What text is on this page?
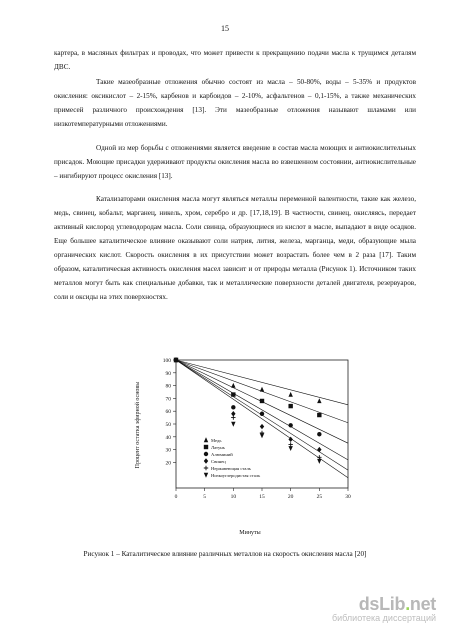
15

картера, в масляных фильтрах и проводах, что может привести к прекращению подачи масла к трущимся деталям ДВС.

Такие мазеобразные отложения обычно состоят из масла – 50-80%, воды – 5-35% и продуктов окисления: оксикислот – 2-15%, карбенов и карбоидов – 2-10%, асфальтенов – 0,1-15%, а также механических примесей различного происхождения [13]. Эти мазеобразные отложения называют шламами или низкотемпературными отложениями.

Одной из мер борьбы с отложениями является введение в состав масла моющих и антиокислительных присадок. Моющие присадки удерживают продукты окисления масла во взвешенном состоянии, антиокислительные – ингибируют процесс окисления [13].

Катализаторами окисления масла могут являться металлы переменной валентности, такие как железо, медь, свинец, кобальт, марганец, никель, хром, серебро и др. [17,18,19]. В частности, свинец, окисляясь, передает активный кислород углеводородам масла. Соли свинца, образующиеся из кислот в масле, выпадают в виде осадков. Еще большее каталитическое влияние оказывают соли натрия, лития, железа, марганца, меди, образующие мыла органических кислот. Скорость окисления в их присутствии может возрастать более чем в 2 раза [17]. Таким образом, каталитическая активность окисления масел зависит и от природы металла (Рисунок 1). Источником таких металлов могут быть как специальные добавки, так и металлические поверхности деталей двигателя, резервуаров, соли и оксиды на этих поверхностях.

Процент остатка эфирной основы
0	5	10	15	20	25	30
20
30
40
50
60
70
80
90
100
Медь
Латунь
Алюминий
Свинец
Нержавеющая сталь
Низкоуглеродистая сталь
Минуты
Рисунок 1 – Каталитическое влияние различных металлов на скорость окисления масла [20]
dsLib.net
библиотека диссертаций
